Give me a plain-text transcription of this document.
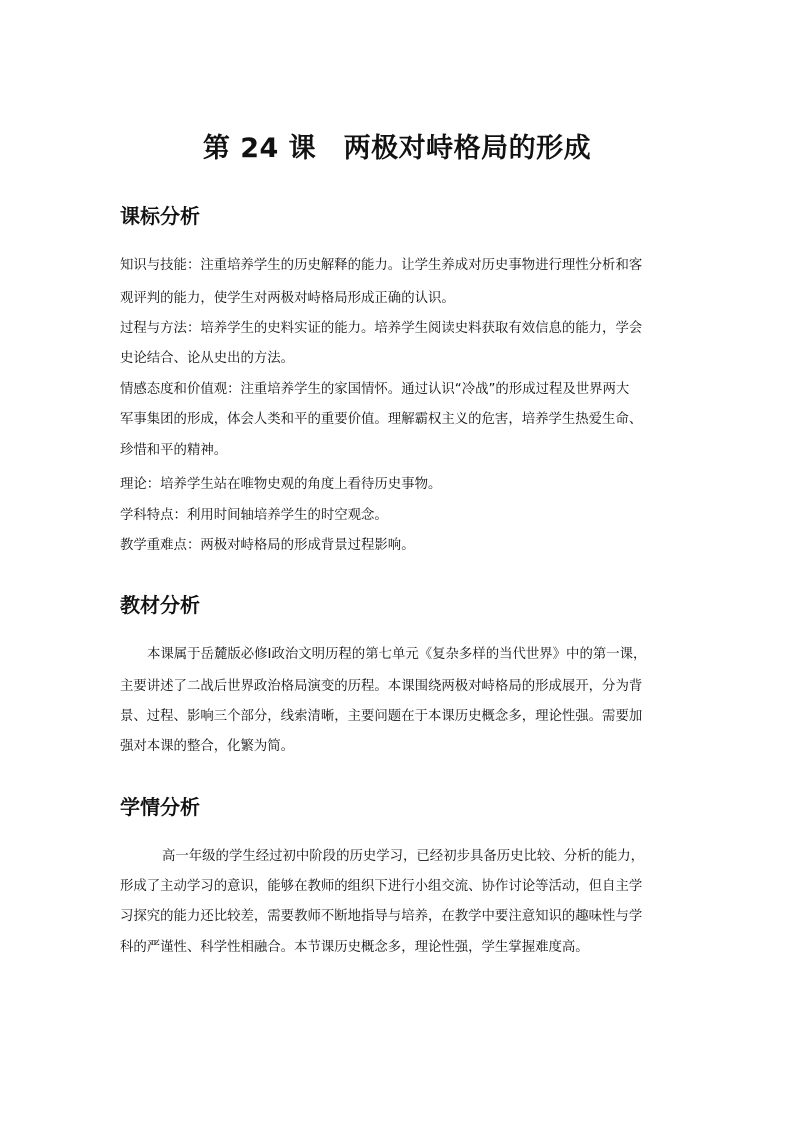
第 24 课　两极对峙格局的形成
课标分析
知识与技能：注重培养学生的历史解释的能力。让学生养成对历史事物进行理性分析和客
观评判的能力，使学生对两极对峙格局形成正确的认识。
过程与方法：培养学生的史料实证的能力。培养学生阅读史料获取有效信息的能力，学会
史论结合、论从史出的方法。
情感态度和价值观：注重培养学生的家国情怀。通过认识“冷战”的形成过程及世界两大
军事集团的形成，体会人类和平的重要价值。理解霸权主义的危害，培养学生热爱生命、
珍惜和平的精神。
理论：培养学生站在唯物史观的角度上看待历史事物。
学科特点：利用时间轴培养学生的时空观念。
教学重难点：两极对峙格局的形成背景过程影响。
教材分析
本课属于岳麓版必修Ⅰ政治文明历程的第七单元《复杂多样的当代世界》中的第一课，
主要讲述了二战后世界政治格局演变的历程。本课围绕两极对峙格局的形成展开，分为背
景、过程、影响三个部分，线索清晰，主要问题在于本课历史概念多，理论性强。需要加
强对本课的整合，化繁为简。
学情分析
高一年级的学生经过初中阶段的历史学习，已经初步具备历史比较、分析的能力，
形成了主动学习的意识，能够在教师的组织下进行小组交流、协作讨论等活动，但自主学
习探究的能力还比较差，需要教师不断地指导与培养，在教学中要注意知识的趣味性与学
科的严谨性、科学性相融合。本节课历史概念多，理论性强，学生掌握难度高。
